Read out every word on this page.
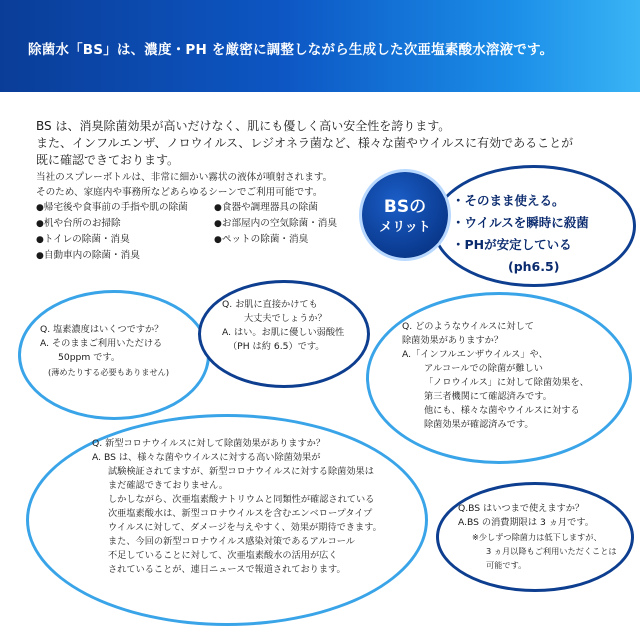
除菌水「BS」は、濃度・PH を厳密に調整しながら生成した次亜塩素酸水溶液です。

BS は、消臭除菌効果が高いだけなく、肌にも優しく高い安全性を誇ります。

また、インフルエンザ、ノロウイルス、レジオネラ菌など、様々な菌やウイルスに有効であることが

既に確認できております。

当社のスプレーボトルは、非常に細かい霧状の液体が噴射されます。

そのため、家庭内や事務所などあらゆるシーンでご利用可能です。

●帰宅後や食事前の手指や肌の除菌
●机や台所のお掃除
●トイレの除菌・消臭
●自動車内の除菌・消臭
●食器や調理器具の除菌
●お部屋内の空気除菌・消臭
●ペットの除菌・消臭
BSの
メリット
・そのまま使える。
・ウイルスを瞬時に殺菌
・PHが安定している
(ph6.5)
Q. 塩素濃度はいくつですか？
A. そのままご利用いただける
50ppm です。
(薄めたりする必要もありません)
Q. お肌に直接かけても
大丈夫でしょうか？
A. はい。お肌に優しい弱酸性
（PH は約 6.5）です。
Q. どのようなウイルスに対して
除菌効果がありますか？
A.「インフルエンザウイルス」や、
アルコールでの除菌が難しい
「ノロウイルス」に対して除菌効果を、
第三者機関にて確認済みです。
他にも、様々な菌やウイルスに対する
除菌効果が確認済みです。
Q. 新型コロナウイルスに対して除菌効果がありますか？
A. BS は、様々な菌やウイルスに対する高い除菌効果が
試験検証されてますが、新型コロナウイルスに対する除菌効果は
まだ確認できておりません。
しかしながら、次亜塩素酸ナトリウムと同類性が確認されている
次亜塩素酸水は、新型コロナウイルスを含むエンベロープタイプ
ウイルスに対して、ダメージを与えやすく、効果が期待できます。
また、今回の新型コロナウイルス感染対策であるアルコール
不足していることに対して、次亜塩素酸水の活用が広く
されていることが、連日ニュースで報道されております。
Q.BS はいつまで使えますか？
A.BS の消費期限は 3 ヵ月です。
※少しずつ除菌力は低下しますが、
3 ヵ月以降もご利用いただくことは
可能です。
